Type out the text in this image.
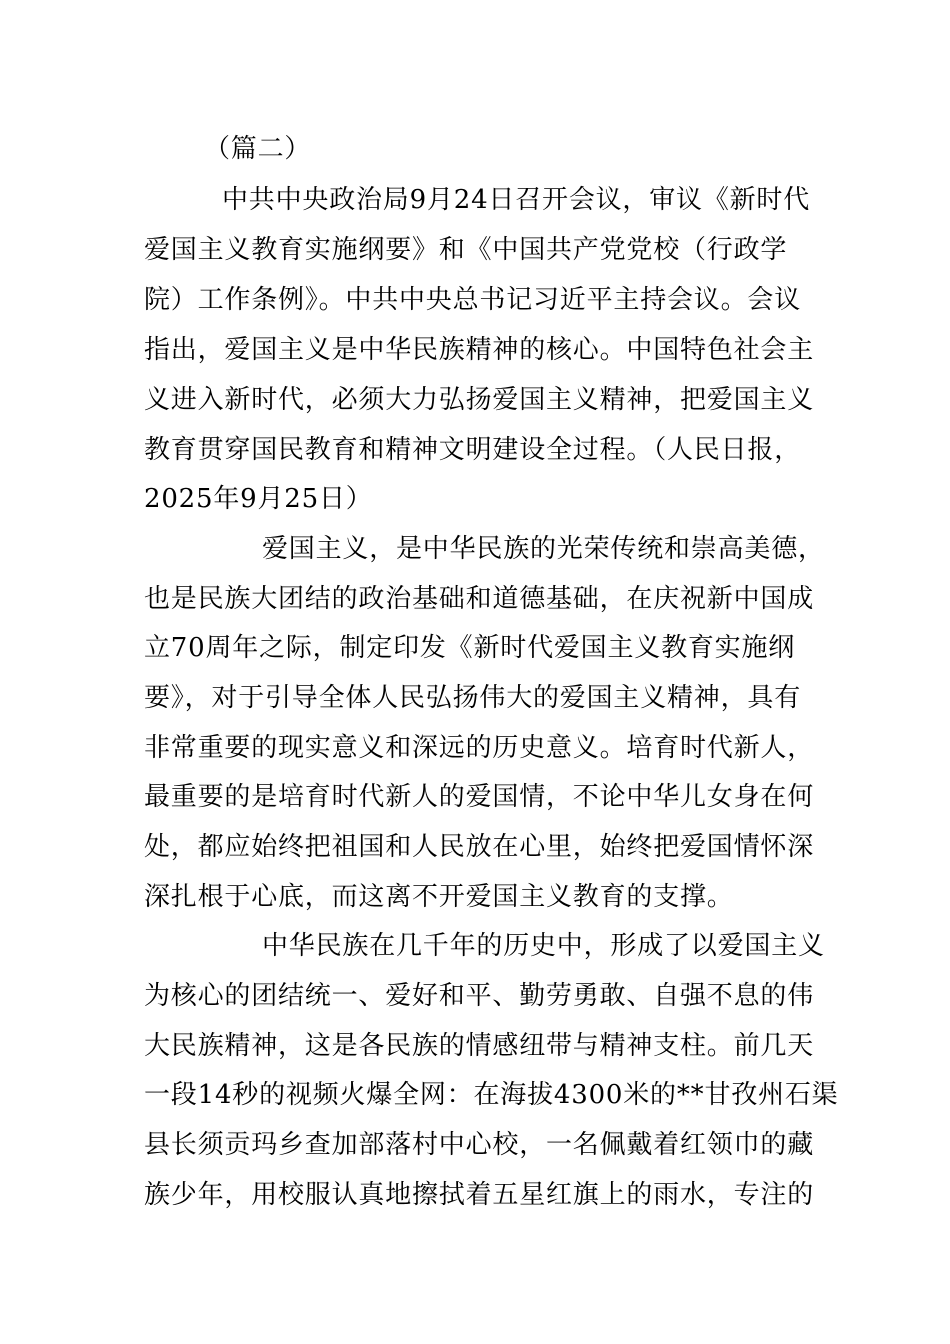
（篇二）
中共中央政治局9月24日召开会议，审议《新时代
爱国主义教育实施纲要》和《中国共产党党校（行政学
院）工作条例》。中共中央总书记习近平主持会议。会议
指出，爱国主义是中华民族精神的核心。中国特色社会主
义进入新时代，必须大力弘扬爱国主义精神，把爱国主义
教育贯穿国民教育和精神文明建设全过程。（人民日报，
2025年9月25日）
爱国主义，是中华民族的光荣传统和崇高美德，
也是民族大团结的政治基础和道德基础，在庆祝新中国成
立70周年之际，制定印发《新时代爱国主义教育实施纲
要》，对于引导全体人民弘扬伟大的爱国主义精神，具有
非常重要的现实意义和深远的历史意义。培育时代新人，
最重要的是培育时代新人的爱国情，不论中华儿女身在何
处，都应始终把祖国和人民放在心里，始终把爱国情怀深
深扎根于心底，而这离不开爱国主义教育的支撑。
中华民族在几千年的历史中，形成了以爱国主义
为核心的团结统一、爱好和平、勤劳勇敢、自强不息的伟
大民族精神，这是各民族的情感纽带与精神支柱。前几天
一段14秒的视频火爆全网：在海拔4300米的**甘孜州石渠
县长须贡玛乡查加部落村中心校，一名佩戴着红领巾的藏
族少年，用校服认真地擦拭着五星红旗上的雨水，专注的
